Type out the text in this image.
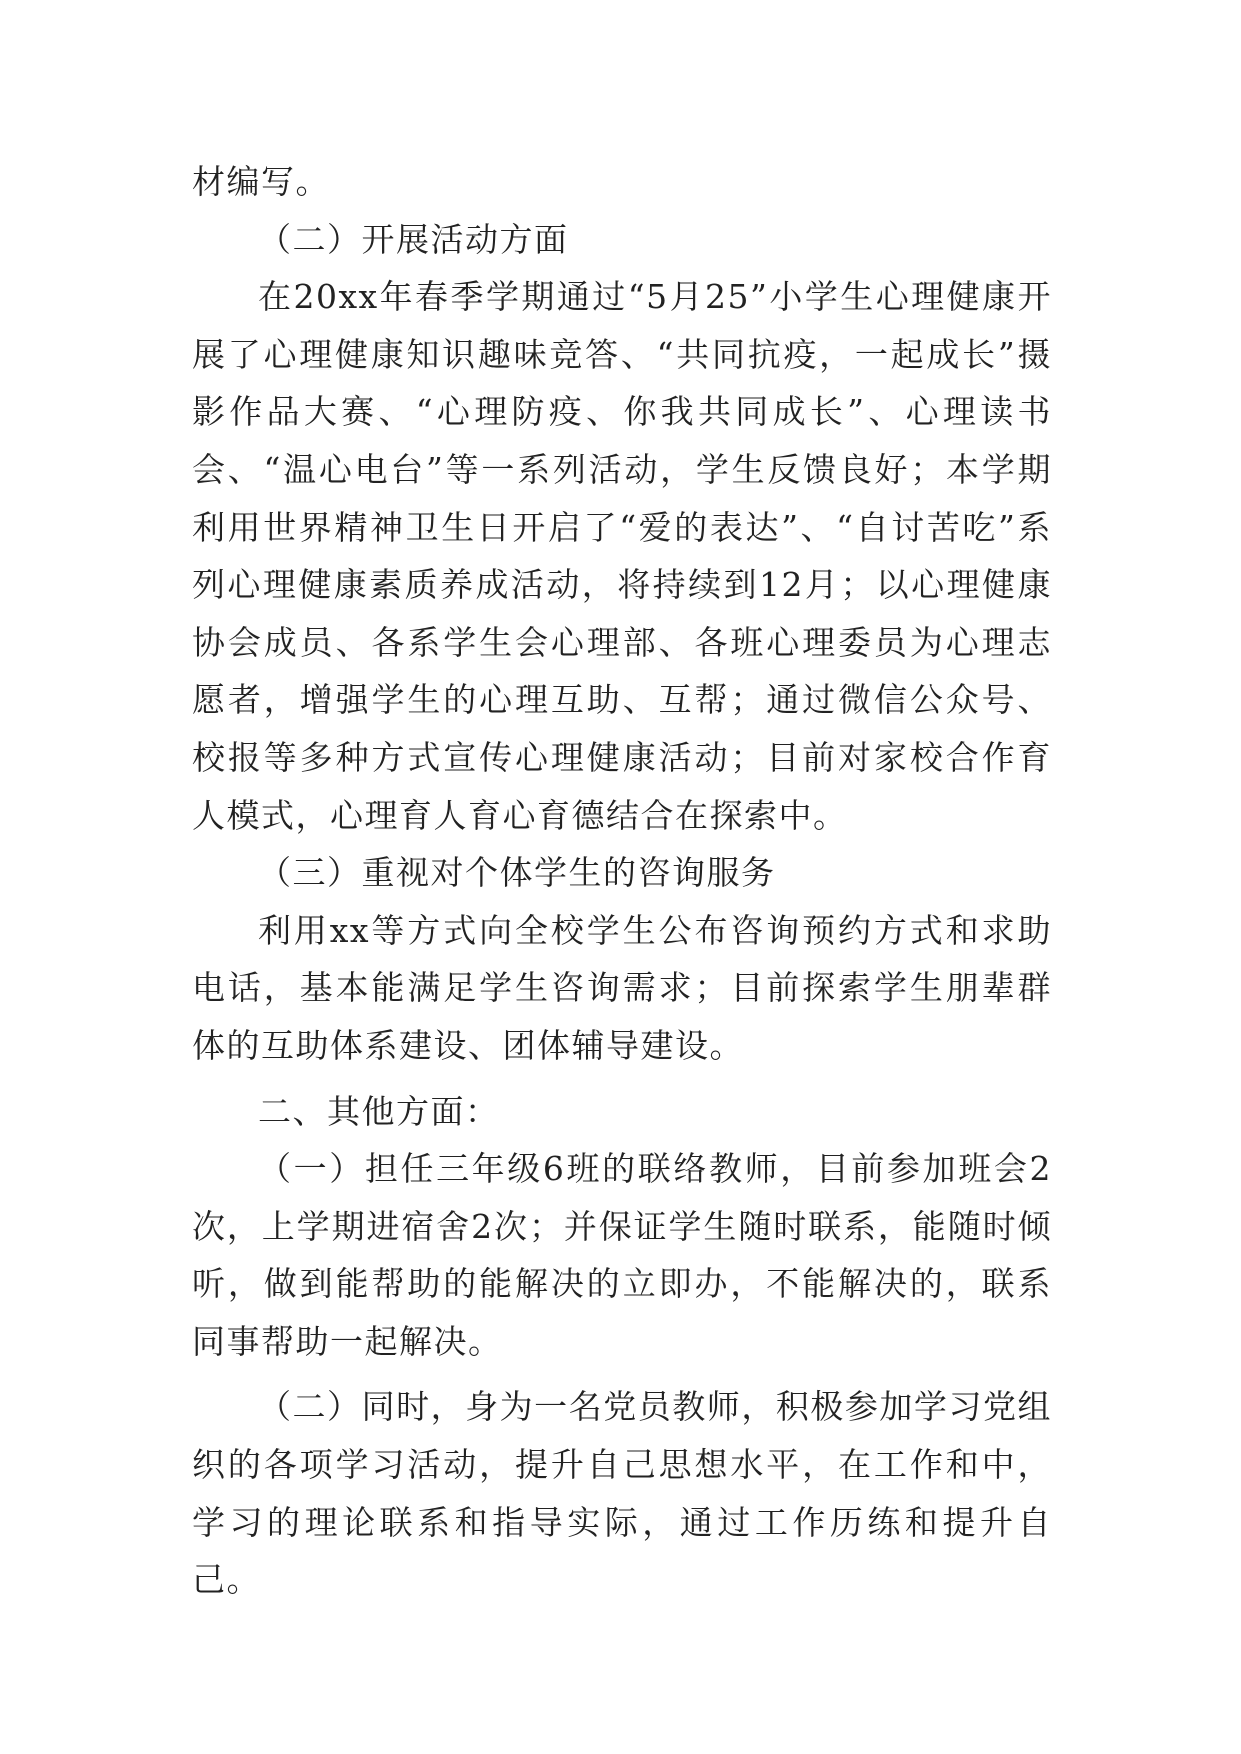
材编写。

（二）开展活动方面

在20xx年春季学期通过“5月25”小学生心理健康开展了心理健康知识趣味竞答、“共同抗疫，一起成长”摄影作品大赛、“心理防疫、你我共同成长”、心理读书会、“温心电台”等一系列活动，学生反馈良好；本学期利用世界精神卫生日开启了“爱的表达”、“自讨苦吃”系列心理健康素质养成活动，将持续到12月；以心理健康协会成员、各系学生会心理部、各班心理委员为心理志愿者，增强学生的心理互助、互帮；通过微信公众号、校报等多种方式宣传心理健康活动；目前对家校合作育人模式，心理育人育心育德结合在探索中。

（三）重视对个体学生的咨询服务

利用xx等方式向全校学生公布咨询预约方式和求助电话，基本能满足学生咨询需求；目前探索学生朋辈群体的互助体系建设、团体辅导建设。

二、其他方面：

（一）担任三年级6班的联络教师，目前参加班会2次，上学期进宿舍2次；并保证学生随时联系，能随时倾听，做到能帮助的能解决的立即办，不能解决的，联系同事帮助一起解决。

（二）同时，身为一名党员教师，积极参加学习党组织的各项学习活动，提升自己思想水平，在工作和中，学习的理论联系和指导实际，通过工作历练和提升自己。
